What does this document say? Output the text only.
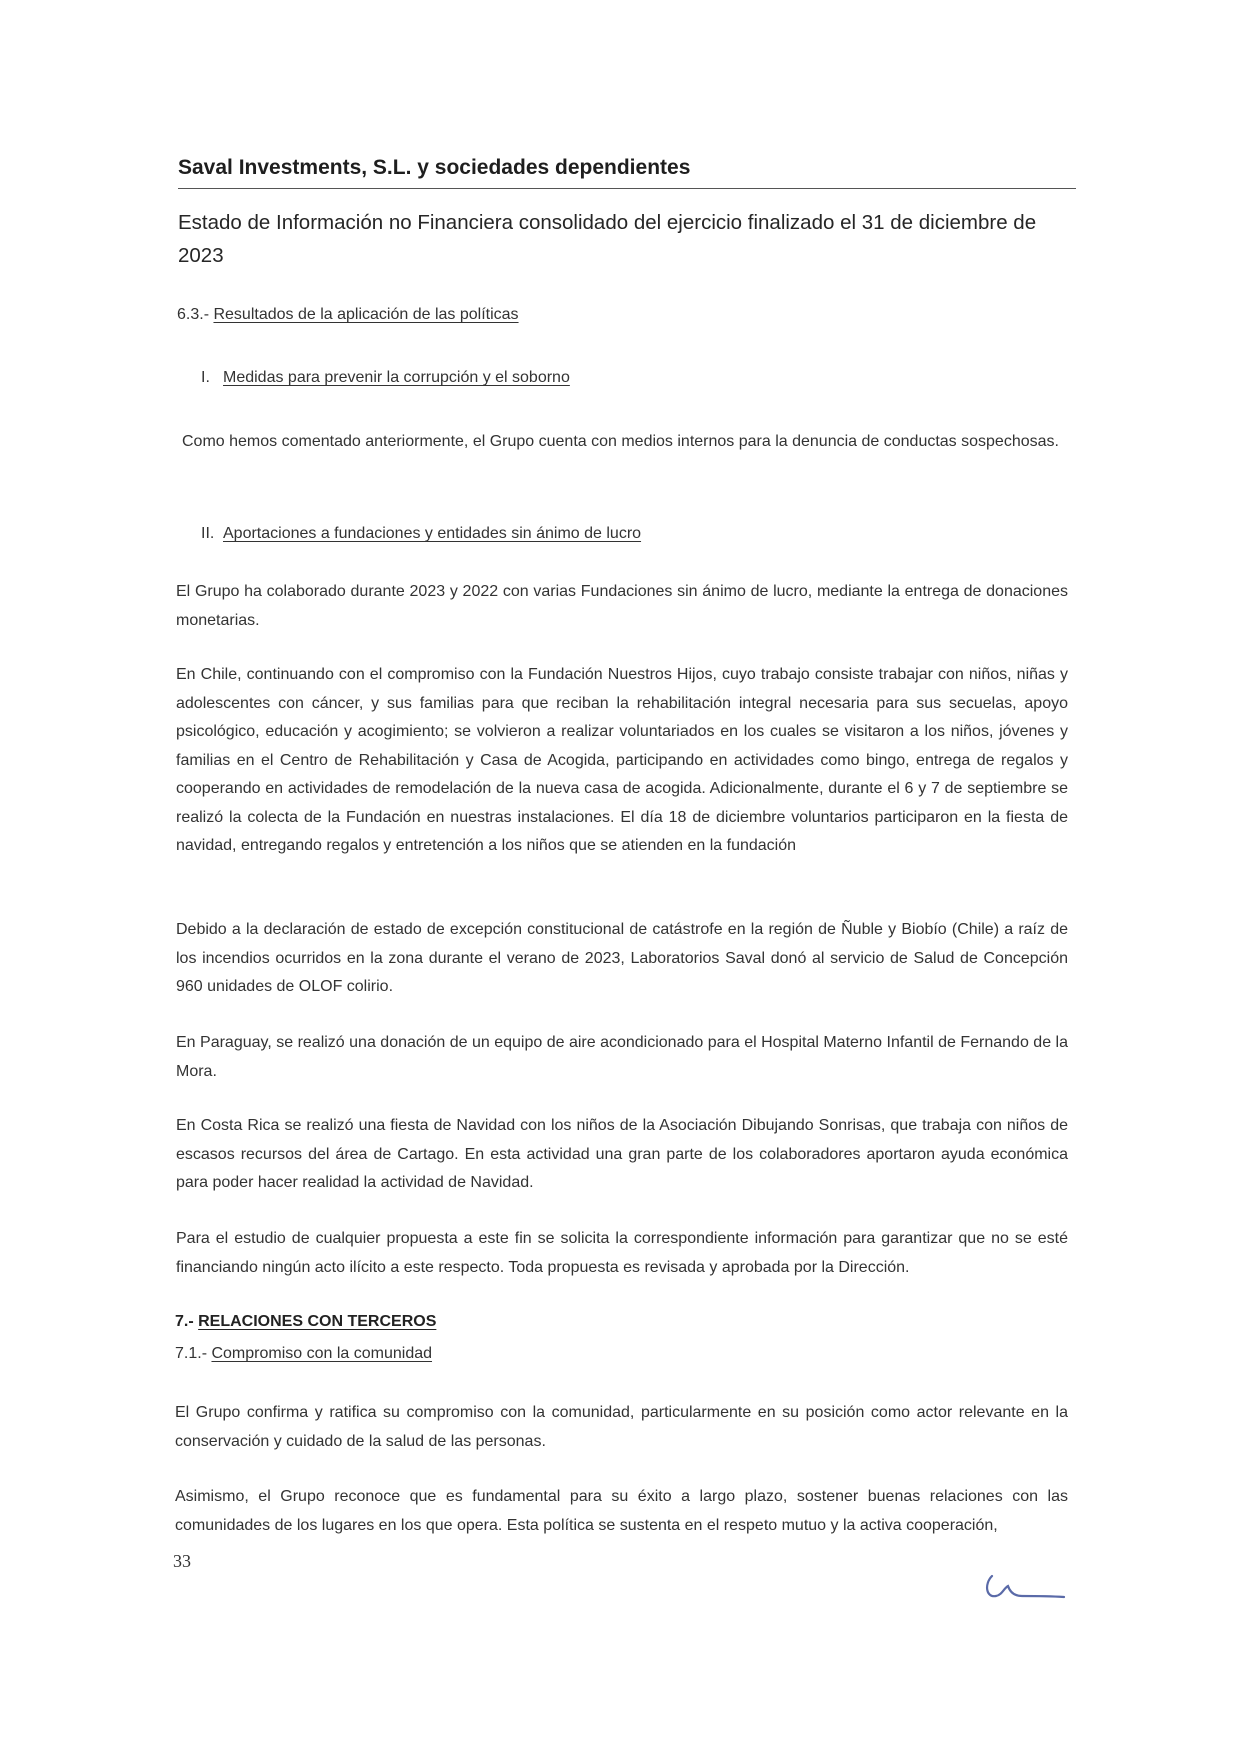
Saval Investments, S.L. y sociedades dependientes

Estado de Información no Financiera consolidado del ejercicio finalizado el 31 de diciembre de 2023

6.3.- Resultados de la aplicación de las políticas

I. Medidas para prevenir la corrupción y el soborno

Como hemos comentado anteriormente, el Grupo cuenta con medios internos para la denuncia de conductas sospechosas.

II. Aportaciones a fundaciones y entidades sin ánimo de lucro

El Grupo ha colaborado durante 2023 y 2022 con varias Fundaciones sin ánimo de lucro, mediante la entrega de donaciones monetarias.

En Chile, continuando con el compromiso con la Fundación Nuestros Hijos, cuyo trabajo consiste trabajar con niños, niñas y adolescentes con cáncer, y sus familias para que reciban la rehabilitación integral necesaria para sus secuelas, apoyo psicológico, educación y acogimiento; se volvieron a realizar voluntariados en los cuales se visitaron a los niños, jóvenes y familias en el Centro de Rehabilitación y Casa de Acogida, participando en actividades como bingo, entrega de regalos y cooperando en actividades de remodelación de la nueva casa de acogida. Adicionalmente, durante el 6 y 7 de septiembre se realizó la colecta de la Fundación en nuestras instalaciones. El día 18 de diciembre voluntarios participaron en la fiesta de navidad, entregando regalos y entretención a los niños que se atienden en la fundación

Debido a la declaración de estado de excepción constitucional de catástrofe en la región de Ñuble y Biobío (Chile) a raíz de los incendios ocurridos en la zona durante el verano de 2023, Laboratorios Saval donó al servicio de Salud de Concepción 960 unidades de OLOF colirio.

En Paraguay, se realizó una donación de un equipo de aire acondicionado para el Hospital Materno Infantil de Fernando de la Mora.

En Costa Rica se realizó una fiesta de Navidad con los niños de la Asociación Dibujando Sonrisas, que trabaja con niños de escasos recursos del área de Cartago. En esta actividad una gran parte de los colaboradores aportaron ayuda económica para poder hacer realidad la actividad de Navidad.

Para el estudio de cualquier propuesta a este fin se solicita la correspondiente información para garantizar que no se esté financiando ningún acto ilícito a este respecto. Toda propuesta es revisada y aprobada por la Dirección.

7.- RELACIONES CON TERCEROS

7.1.- Compromiso con la comunidad

El Grupo confirma y ratifica su compromiso con la comunidad, particularmente en su posición como actor relevante en la conservación y cuidado de la salud de las personas.

Asimismo, el Grupo reconoce que es fundamental para su éxito a largo plazo, sostener buenas relaciones con las comunidades de los lugares en los que opera. Esta política se sustenta en el respeto mutuo y la activa cooperación,

33
